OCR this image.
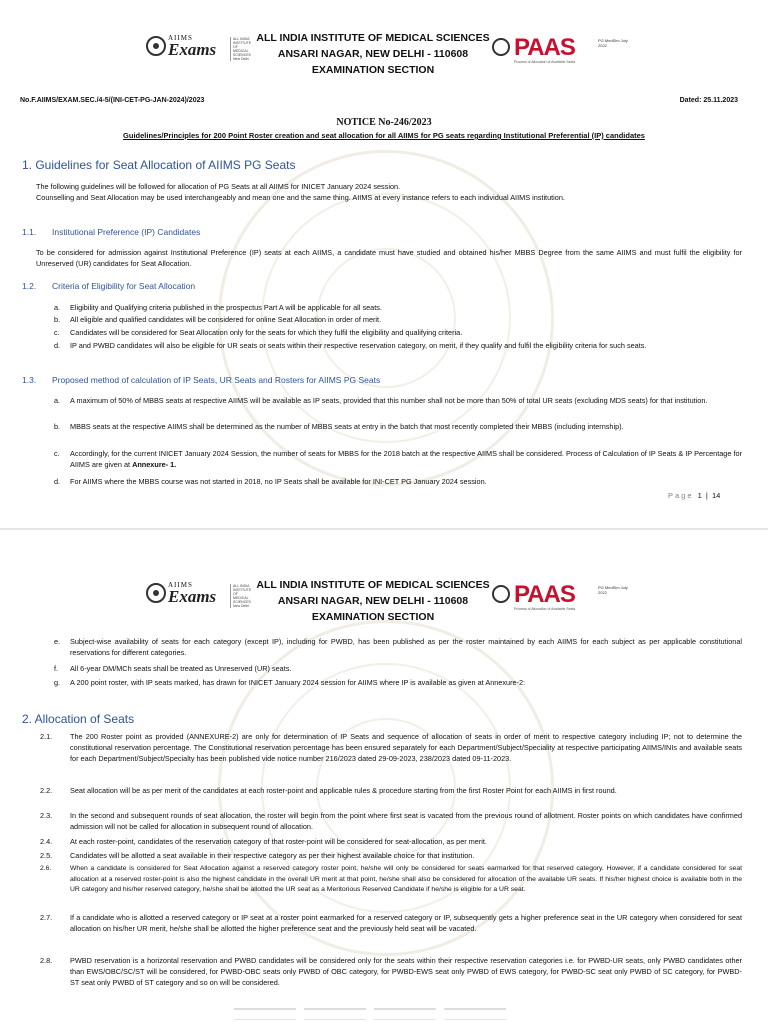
AIIMS
Exams
ALL INDIA INSTITUTE OF MEDICAL SCIENCES New Delhi
ALL INDIA INSTITUTE OF MEDICAL SCIENCES
ANSARI NAGAR, NEW DELHI - 110608
EXAMINATION SECTION
PAAS
Process of Allocation of Available Seats
PG MedSim July 2022
No.F.AIIMS/EXAM.SEC./4-5/(INI-CET-PG-JAN-2024)/2023	Dated: 25.11.2023
NOTICE No-246/2023
Guidelines/Principles for 200 Point Roster creation and seat allocation for all AIIMS for PG seats regarding Institutional Preferential (IP) candidates
1. Guidelines for Seat Allocation of AIIMS PG Seats
The following guidelines will be followed for allocation of PG Seats at all AIIMS for INICET January 2024 session.
Counselling and Seat Allocation may be used interchangeably and mean one and the same thing. AIIMS at every instance refers to each individual AIIMS institution.
1.1. Institutional Preference (IP) Candidates
To be considered for admission against Institutional Preference (IP) seats at each AIIMS, a candidate must have studied and obtained his/her MBBS Degree from the same AIIMS and must fulfil the eligibility for Unreserved (UR) candidates for Seat Allocation.
1.2. Criteria of Eligibility for Seat Allocation
a. Eligibility and Qualifying criteria published in the prospectus Part A will be applicable for all seats.
b. All eligible and qualified candidates will be considered for online Seat Allocation in order of merit.
c. Candidates will be considered for Seat Allocation only for the seats for which they fulfil the eligibility and qualifying criteria.
d. IP and PWBD candidates will also be eligible for UR seats or seats within their respective reservation category, on merit, if they qualify and fulfil the eligibility criteria for such seats.
1.3. Proposed method of calculation of IP Seats, UR Seats and Rosters for AIIMS PG Seats
a. A maximum of 50% of MBBS seats at respective AIIMS will be available as IP seats, provided that this number shall not be more than 50% of total UR seats (excluding MDS seats) for that institution.
b. MBBS seats at the respective AIIMS shall be determined as the number of MBBS seats at entry in the batch that most recently completed their MBBS (including internship).
c. Accordingly, for the current INICET January 2024 Session, the number of seats for MBBS for the 2018 batch at the respective AIIMS shall be considered. Process of Calculation of IP Seats & IP Percentage for AIIMS are given at Annexure- 1.
d. For AIIMS where the MBBS course was not started in 2018, no IP Seats shall be available for INI-CET PG January 2024 session.
Page 1 | 14
AIIMS
Exams
ALL INDIA INSTITUTE OF MEDICAL SCIENCES New Delhi
ALL INDIA INSTITUTE OF MEDICAL SCIENCES
ANSARI NAGAR, NEW DELHI - 110608
EXAMINATION SECTION
PAAS
Process of Allocation of Available Seats
PG MedSim July 2022
e. Subject-wise availability of seats for each category (except IP), including for PWBD, has been published as per the roster maintained by each AIIMS for each subject as per applicable constitutional reservations for different categories.
f. All 6-year DM/MCh seats shall be treated as Unreserved (UR) seats.
g. A 200 point roster, with IP seats marked, has drawn for INICET January 2024 session for AIIMS where IP is available as given at Annexure-2:
2. Allocation of Seats
2.1. The 200 Roster point as provided (ANNEXURE-2) are only for determination of IP Seats and sequence of allocation of seats in order of merit to respective category including IP; not to determine the constitutional reservation percentage. The Constitutional reservation percentage has been ensured separately for each Department/Subject/Speciality at respective participating AIIMS/INIs and available seats for each Department/Subject/Specialty has been published vide notice number 216/2023 dated 29-09-2023, 238/2023 dated 09-11-2023.
2.2. Seat allocation will be as per merit of the candidates at each roster-point and applicable rules & procedure starting from the first Roster Point for each AIIMS in first round.
2.3. In the second and subsequent rounds of seat allocation, the roster will begin from the point where first seat is vacated from the previous round of allotment. Roster points on which candidates have confirmed admission will not be called for allocation in subsequent round of allocation.
2.4. At each roster-point, candidates of the reservation category of that roster-point will be considered for seat-allocation, as per merit.
2.5. Candidates will be allotted a seat available in their respective category as per their highest available choice for that institution.
2.6.	When a candidate is considered for Seat Allocation against a reserved category roster point, he/she will only be considered for seats earmarked for that reserved category. However, if a candidate considered for seat allocation at a reserved roster-point is also the highest candidate in the overall UR merit at that point, he/she shall also be considered for allocation of the available UR seats. If his/her highest choice is available both in the UR category and his/her reserved category, he/she shall be allotted the UR seat as a Meritorious Reserved Candidate if he/she is eligible for a UR seat.
2.7. If a candidate who is allotted a reserved category or IP seat at a roster point earmarked for a reserved category or IP, subsequently gets a higher preference seat in the UR category when considered for seat allocation on his/her UR merit, he/she shall be allotted the higher preference seat and the previously held seat will be vacated.
2.8. PWBD reservation is a horizontal reservation and PWBD candidates will be considered only for the seats within their respective reservation categories i.e. for PWBD-UR seats, only PWBD candidates other than EWS/OBC/SC/ST will be considered, for PWBD-OBC seats only PWBD of OBC category, for PWBD-EWS seat only PWBD of EWS category, for PWBD-SC seat only PWBD of SC category, for PWBD-ST seat only PWBD of ST category and so on will be considered.
